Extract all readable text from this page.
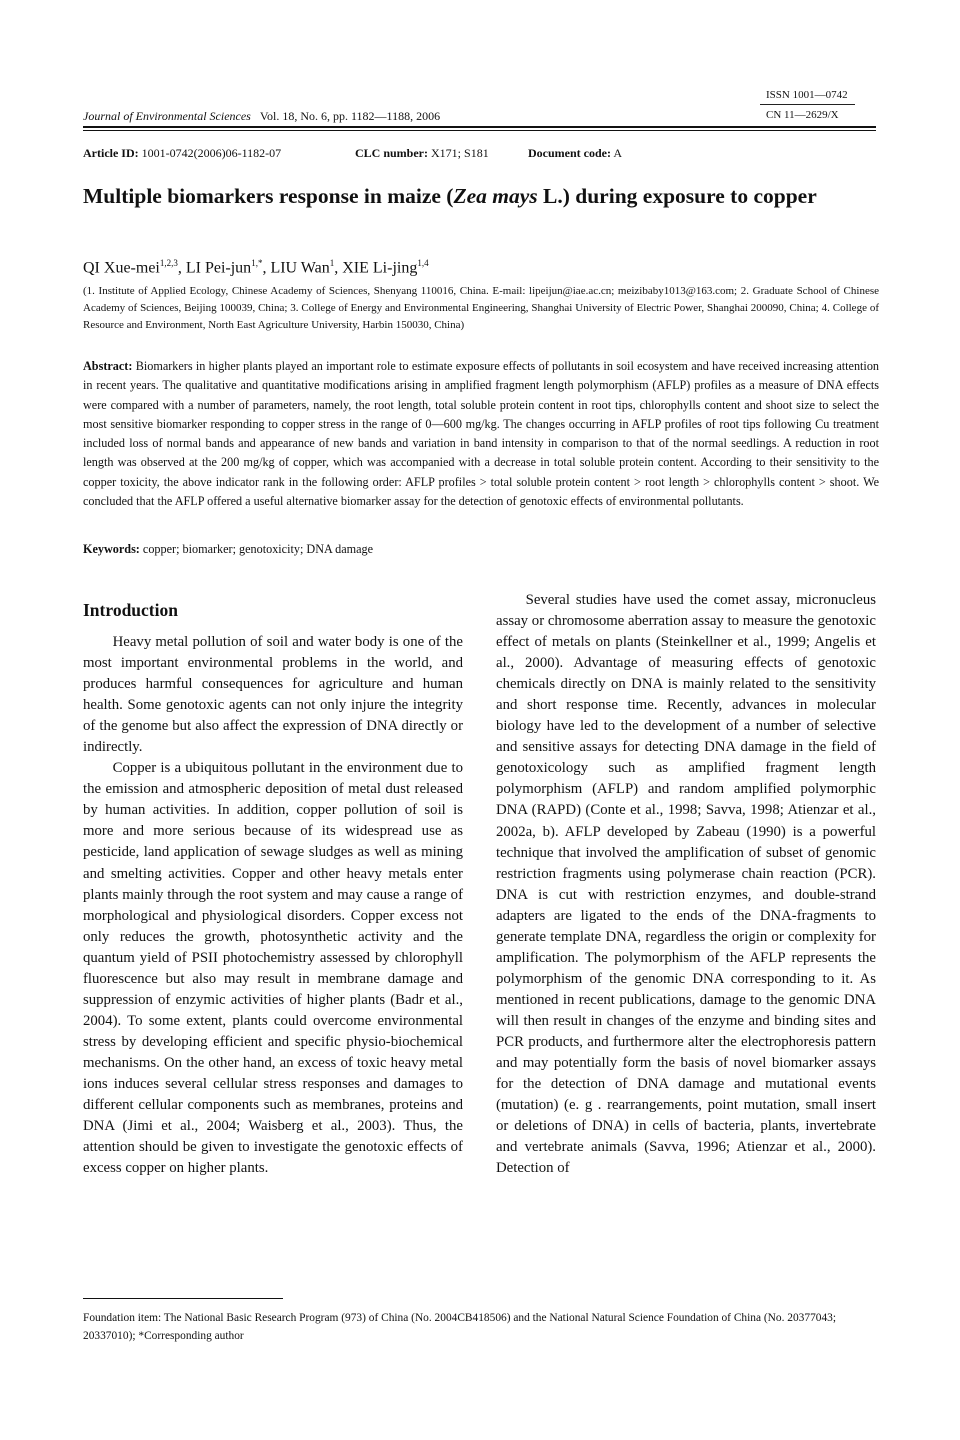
ISSN 1001—0742
CN 11—2629/X
Journal of Environmental Sciences Vol. 18, No. 6, pp. 1182—1188, 2006
Article ID: 1001-0742(2006)06-1182-07	CLC number: X171; S181	Document code: A
Multiple biomarkers response in maize (Zea mays L.) during exposure to copper
QI Xue-mei$^{1,2,3}$, LI Pei-jun$^{1,*}$, LIU Wan$^1$, XIE Li-jing$^{1,4}$
(1. Institute of Applied Ecology, Chinese Academy of Sciences, Shenyang 110016, China. E-mail: lipeijun@iae.ac.cn; meizibaby1013@163.com; 2. Graduate School of Chinese Academy of Sciences, Beijing 100039, China; 3. College of Energy and Environmental Engineering, Shanghai University of Electric Power, Shanghai 200090, China; 4. College of Resource and Environment, North East Agriculture University, Harbin 150030, China)
Abstract: Biomarkers in higher plants played an important role to estimate exposure effects of pollutants in soil ecosystem and have received increasing attention in recent years. The qualitative and quantitative modifications arising in amplified fragment length polymorphism (AFLP) profiles as a measure of DNA effects were compared with a number of parameters, namely, the root length, total soluble protein content in root tips, chlorophylls content and shoot size to select the most sensitive biomarker responding to copper stress in the range of 0—600 mg/kg. The changes occurring in AFLP profiles of root tips following Cu treatment included loss of normal bands and appearance of new bands and variation in band intensity in comparison to that of the normal seedlings. A reduction in root length was observed at the 200 mg/kg of copper, which was accompanied with a decrease in total soluble protein content. According to their sensitivity to the copper toxicity, the above indicator rank in the following order: AFLP profiles > total soluble protein content > root length > chlorophylls content > shoot. We concluded that the AFLP offered a useful alternative biomarker assay for the detection of genotoxic effects of environmental pollutants.
Keywords: copper; biomarker; genotoxicity; DNA damage
Introduction

Heavy metal pollution of soil and water body is one of the most important environmental problems in the world, and produces harmful consequences for agriculture and human health. Some genotoxic agents can not only injure the integrity of the genome but also affect the expression of DNA directly or indirectly.

Copper is a ubiquitous pollutant in the environment due to the emission and atmospheric deposition of metal dust released by human activities. In addition, copper pollution of soil is more and more serious because of its widespread use as pesticide, land application of sewage sludges as well as mining and smelting activities. Copper and other heavy metals enter plants mainly through the root system and may cause a range of morphological and physiological disorders. Copper excess not only reduces the growth, photosynthetic activity and the quantum yield of PSII photochemistry assessed by chlorophyll fluorescence but also may result in membrane damage and suppression of enzymic activities of higher plants (Badr et al., 2004). To some extent, plants could overcome environmental stress by developing efficient and specific physio-biochemical mechanisms. On the other hand, an excess of toxic heavy metal ions induces several cellular stress responses and damages to different cellular components such as membranes, proteins and DNA (Jimi et al., 2004; Waisberg et al., 2003). Thus, the attention should be given to investigate the genotoxic effects of excess copper on higher plants.

Several studies have used the comet assay, micronucleus assay or chromosome aberration assay to measure the genotoxic effect of metals on plants (Steinkellner et al., 1999; Angelis et al., 2000). Advantage of measuring effects of genotoxic chemicals directly on DNA is mainly related to the sensitivity and short response time. Recently, advances in molecular biology have led to the development of a number of selective and sensitive assays for detecting DNA damage in the field of genotoxicology such as amplified fragment length polymorphism (AFLP) and random amplified polymorphic DNA (RAPD) (Conte et al., 1998; Savva, 1998; Atienzar et al., 2002a, b). AFLP developed by Zabeau (1990) is a powerful technique that involved the amplification of subset of genomic restriction fragments using polymerase chain reaction (PCR). DNA is cut with restriction enzymes, and double-strand adapters are ligated to the ends of the DNA-fragments to generate template DNA, regardless the origin or complexity for amplification. The polymorphism of the AFLP represents the polymorphism of the genomic DNA corresponding to it. As mentioned in recent publications, damage to the genomic DNA will then result in changes of the enzyme and binding sites and PCR products, and furthermore alter the electrophoresis pattern and may potentially form the basis of novel biomarker assays for the detection of DNA damage and mutational events (mutation) (e. g . rearrangements, point mutation, small insert or deletions of DNA) in cells of bacteria, plants, invertebrate and vertebrate animals (Savva, 1996; Atienzar et al., 2000). Detection of

Foundation item: The National Basic Research Program (973) of China (No. 2004CB418506) and the National Natural Science Foundation of China (No. 20377043; 20337010); *Corresponding author
